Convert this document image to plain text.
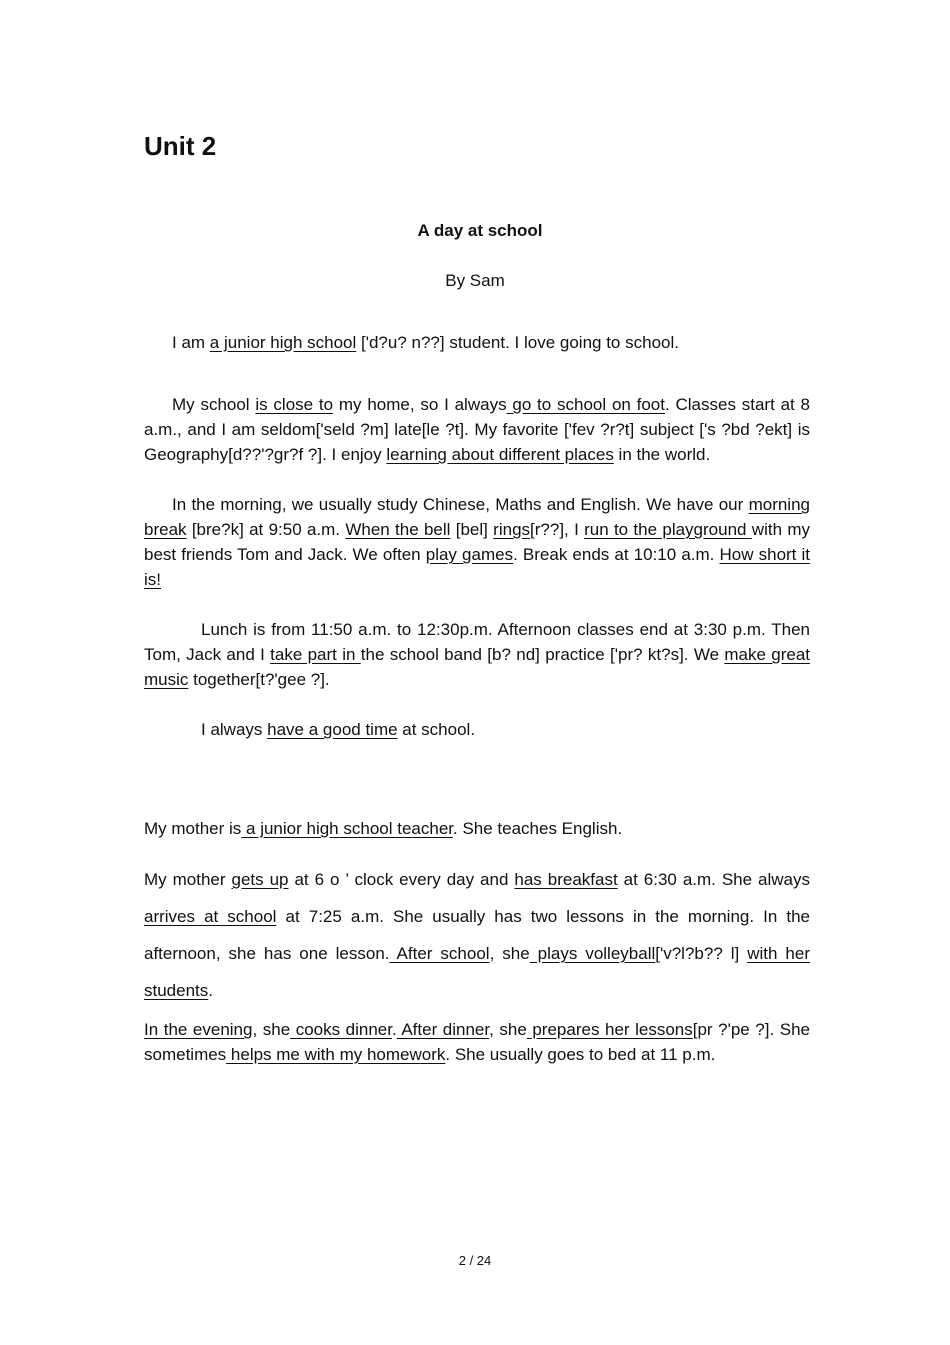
Unit 2
A day at school
By Sam

I am a junior high school ['d?u? n??] student. I love going to school.

My school is close to my home, so I always go to school on foot. Classes start at 8 a.m., and I am seldom['seld ?m] late[le ?t]. My favorite ['fev ?r?t] subject ['s ?bd ?ekt] is Geography[d??'?gr?f ?]. I enjoy learning about different places in the world.

In the morning, we usually study Chinese, Maths and English. We have our morning break [bre?k] at 9:50 a.m. When the bell [bel] rings[r??], I run to the playground with my best friends Tom and Jack. We often play games. Break ends at 10:10 a.m. How short it is!

Lunch is from 11:50 a.m. to 12:30p.m. Afternoon classes end at 3:30 p.m. Then Tom, Jack and I take part in the school band [b? nd] practice ['pr? kt?s]. We make great music together[t?'gee ?].

I always have a good time at school.

My mother is a junior high school teacher. She teaches English.

My mother gets up at 6 o ’ clock every day and has breakfast at 6:30 a.m. She always arrives at school at 7:25 a.m. She usually has two lessons in the morning. In the afternoon, she has one lesson. After school, she plays volleyball['v?l?b?? l] with her students.

In the evening, she cooks dinner. After dinner, she prepares her lessons[pr ?'pe ?]. She sometimes helps me with my homework. She usually goes to bed at 11 p.m.

2 / 24
